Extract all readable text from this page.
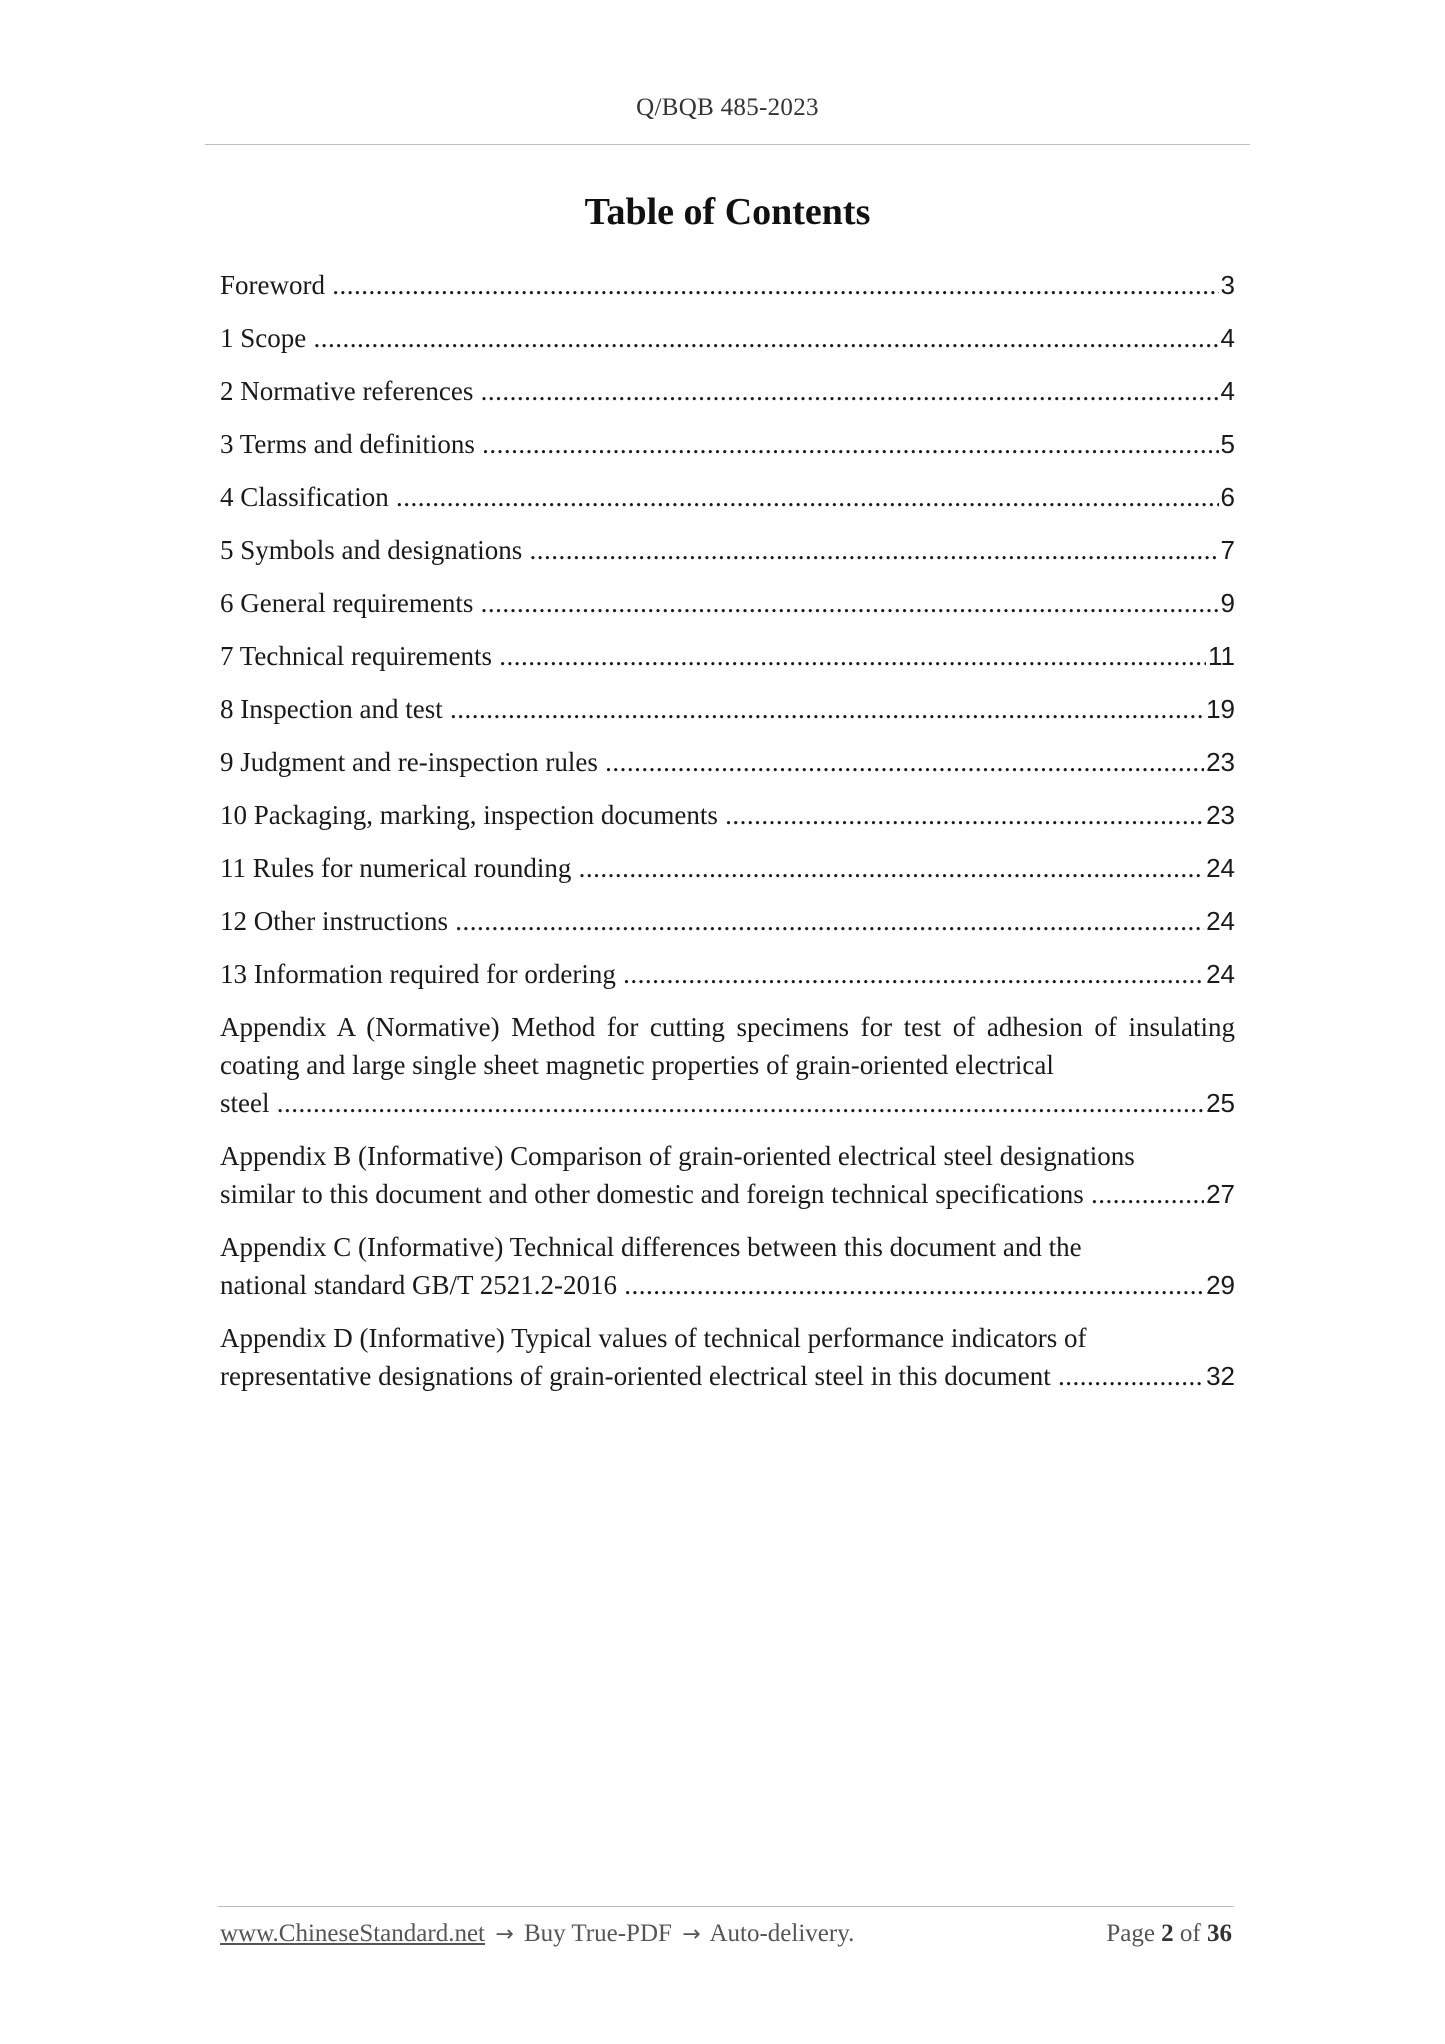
Q/BQB 485-2023
Table of Contents
Foreword .....	3
1 Scope .....	4
2 Normative references .....	4
3 Terms and definitions .....	5
4 Classification .....	6
5 Symbols and designations .....	7
6 General requirements .....	9
7 Technical requirements .....	11
8 Inspection and test .....	19
9 Judgment and re-inspection rules .....	23
10 Packaging, marking, inspection documents .....	23
11 Rules for numerical rounding .....	24
12 Other instructions .....	24
13 Information required for ordering .....	24
Appendix A (Normative) Method for cutting specimens for test of adhesion of insulating coating and large single sheet magnetic properties of grain-oriented electrical
steel .....	25
Appendix B (Informative) Comparison of grain-oriented electrical steel designations
similar to this document and other domestic and foreign technical specifications .....	27
Appendix C (Informative) Technical differences between this document and the
national standard GB/T 2521.2-2016 .....	29
Appendix D (Informative) Typical values of technical performance indicators of
representative designations of grain-oriented electrical steel in this document .....	32
www.ChineseStandard.net → Buy True-PDF → Auto-delivery.	Page 2 of 36
